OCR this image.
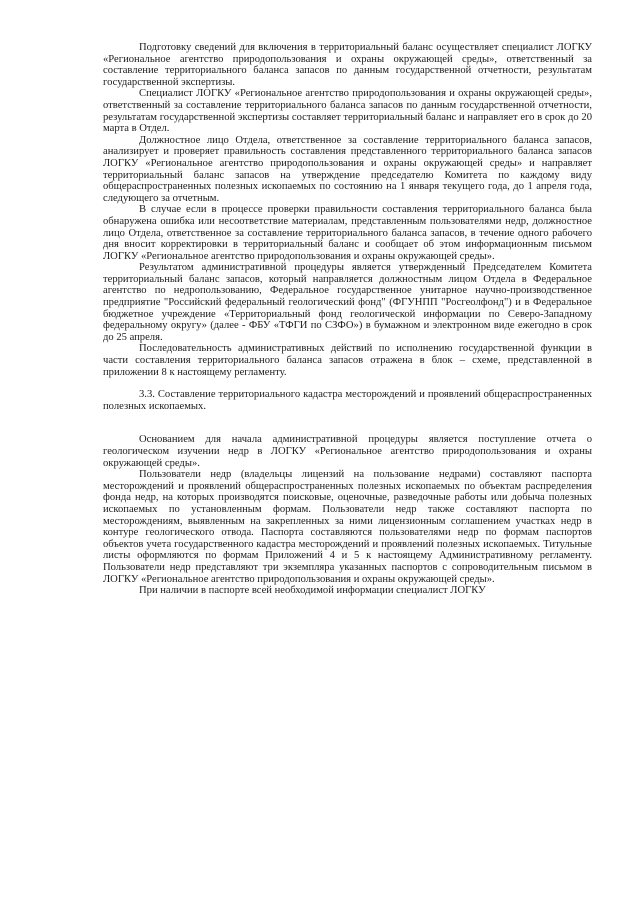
Подготовку сведений для включения в территориальный баланс осуществляет специалист ЛОГКУ «Региональное агентство природопользования и охраны окружающей среды», ответственный за составление территориального баланса запасов по данным государственной отчетности, результатам государственной экспертизы.

Специалист ЛОГКУ «Региональное агентство природопользования и охраны окружающей среды», ответственный за составление территориального баланса запасов по данным государственной отчетности, результатам государственной экспертизы составляет территориальный баланс и направляет его в срок до 20 марта в Отдел.

Должностное лицо Отдела, ответственное за составление территориального баланса запасов, анализирует и проверяет правильность составления представленного территориального баланса запасов ЛОГКУ «Региональное агентство природопользования и охраны окружающей среды» и направляет территориальный баланс запасов на утверждение председателю Комитета по каждому виду общераспространенных полезных ископаемых по состоянию на 1 января текущего года, до 1 апреля года, следующего за отчетным.

В случае если в процессе проверки правильности составления территориального баланса была обнаружена ошибка или несоответствие материалам, представленным пользователями недр, должностное лицо Отдела, ответственное за составление территориального баланса запасов, в течение одного рабочего дня вносит корректировки в территориальный баланс и сообщает об этом информационным письмом ЛОГКУ «Региональное агентство природопользования и охраны окружающей среды».

Результатом административной процедуры является утвержденный Председателем Комитета территориальный баланс запасов, который направляется должностным лицом Отдела в Федеральное агентство по недропользованию, Федеральное государственное унитарное научно-производственное предприятие "Российский федеральный геологический фонд" (ФГУНПП "Росгеолфонд") и в Федеральное бюджетное учреждение «Территориальный фонд геологической информации по Северо-Западному федеральному округу» (далее - ФБУ «ТФГИ по СЗФО») в бумажном и электронном виде ежегодно в срок до 25 апреля.

Последовательность административных действий по исполнению государственной функции в части составления территориального баланса запасов отражена в блок – схеме, представленной в приложении 8 к настоящему регламенту.

3.3. Составление территориального кадастра месторождений и проявлений общераспространенных полезных ископаемых.

Основанием для начала административной процедуры является поступление отчета о геологическом изучении недр в ЛОГКУ «Региональное агентство природопользования и охраны окружающей среды».

Пользователи недр (владельцы лицензий на пользование недрами) составляют паспорта месторождений и проявлений общераспространенных полезных ископаемых по объектам распределения фонда недр, на которых производятся поисковые, оценочные, разведочные работы или добыча полезных ископаемых по установленным формам. Пользователи недр также составляют паспорта по месторождениям, выявленным на закрепленных за ними лицензионным соглашением участках недр в контуре геологического отвода. Паспорта составляются пользователями недр по формам паспортов объектов учета государственного кадастра месторождений и проявлений полезных ископаемых. Титульные листы оформляются по формам Приложений 4 и 5 к настоящему Административному регламенту. Пользователи недр представляют три экземпляра указанных паспортов с сопроводительным письмом в ЛОГКУ «Региональное агентство природопользования и охраны окружающей среды».

При наличии в паспорте всей необходимой информации специалист ЛОГКУ
